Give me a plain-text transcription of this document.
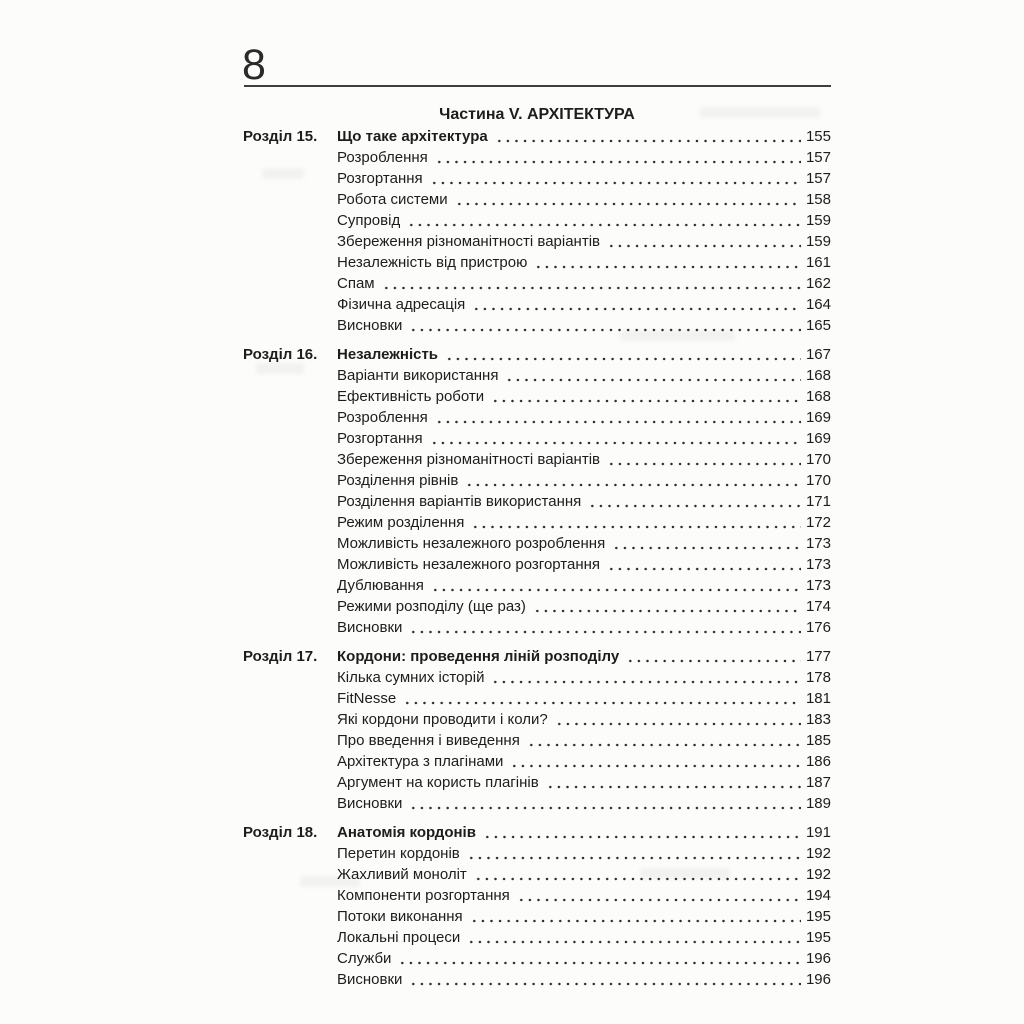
8
Частина V. АРХІТЕКТУРА
Розділ 15.	Що таке архітектура	155
Розроблення	157
Розгортання	157
Робота системи	158
Супровід	159
Збереження різноманітності варіантів	159
Незалежність від пристрою	161
Спам	162
Фізична адресація	164
Висновки	165
Розділ 16.	Незалежність	167
Варіанти використання	168
Ефективність роботи	168
Розроблення	169
Розгортання	169
Збереження різноманітності варіантів	170
Розділення рівнів	170
Розділення варіантів використання	171
Режим розділення	172
Можливість незалежного розроблення	173
Можливість незалежного розгортання	173
Дублювання	173
Режими розподілу (ще раз)	174
Висновки	176
Розділ 17.	Кордони: проведення ліній розподілу	177
Кілька сумних історій	178
FitNesse	181
Які кордони проводити і коли?	183
Про введення і виведення	185
Архітектура з плагінами	186
Аргумент на користь плагінів	187
Висновки	189
Розділ 18.	Анатомія кордонів	191
Перетин кордонів	192
Жахливий моноліт	192
Компоненти розгортання	194
Потоки виконання	195
Локальні процеси	195
Служби	196
Висновки	196
